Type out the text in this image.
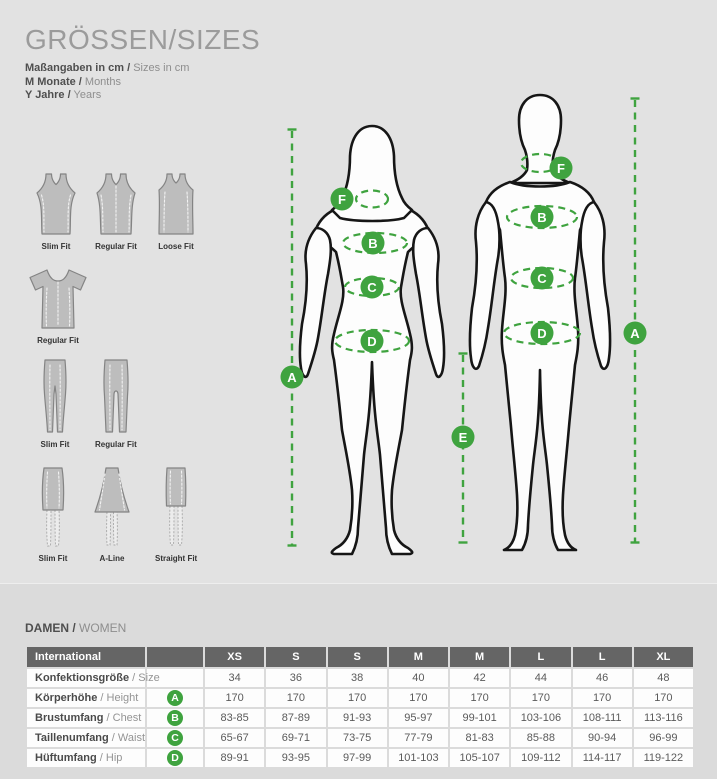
GRÖSSEN/SIZES
Maßangaben in cm / Sizes in cm
M Monate / Months
Y Jahre / Years
Slim Fit	Regular Fit	Loose Fit
Regular Fit
Slim Fit	Regular Fit
Slim Fit	A-Line	Straight Fit
F
B
C
D
A
F
B
C
D	A
E
DAMEN / WOMEN
International		XS	S	S	M	M	L	L	XL
Konfektionsgröße / Size		34	36	38	40	42	44	46	48
Körperhöhe / Height	A	170	170	170	170	170	170	170	170
Brustumfang / Chest	B	83-85	87-89	91-93	95-97	99-101	103-106	108-111	113-116
Taillenumfang / Waist	C	65-67	69-71	73-75	77-79	81-83	85-88	90-94	96-99
Hüftumfang / Hip	D	89-91	93-95	97-99	101-103	105-107	109-112	114-117	119-122
